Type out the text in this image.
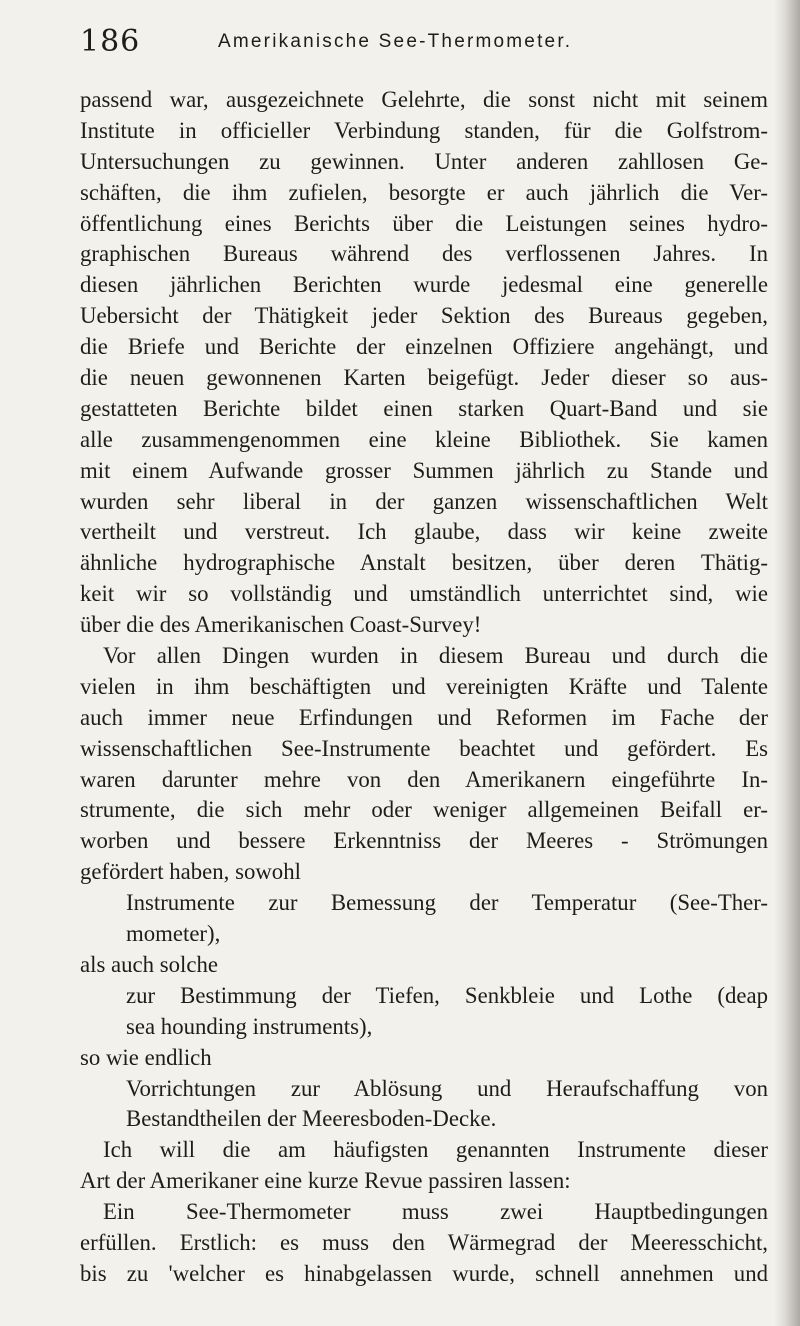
186	Amerikanische See-Thermometer.
passend war, ausgezeichnete Gelehrte, die sonst nicht mit seinem
Institute in officieller Verbindung standen, für die Golfstrom-
Untersuchungen zu gewinnen. Unter anderen zahllosen Ge-
schäften, die ihm zufielen, besorgte er auch jährlich die Ver-
öffentlichung eines Berichts über die Leistungen seines hydro-
graphischen Bureaus während des verflossenen Jahres. In
diesen jährlichen Berichten wurde jedesmal eine generelle
Uebersicht der Thätigkeit jeder Sektion des Bureaus gegeben,
die Briefe und Berichte der einzelnen Offiziere angehängt, und
die neuen gewonnenen Karten beigefügt. Jeder dieser so aus-
gestatteten Berichte bildet einen starken Quart-Band und sie
alle zusammengenommen eine kleine Bibliothek. Sie kamen
mit einem Aufwande grosser Summen jährlich zu Stande und
wurden sehr liberal in der ganzen wissenschaftlichen Welt
vertheilt und verstreut. Ich glaube, dass wir keine zweite
ähnliche hydrographische Anstalt besitzen, über deren Thätig-
keit wir so vollständig und umständlich unterrichtet sind, wie
über die des Amerikanischen Coast-Survey!
Vor allen Dingen wurden in diesem Bureau und durch die
vielen in ihm beschäftigten und vereinigten Kräfte und Talente
auch immer neue Erfindungen und Reformen im Fache der
wissenschaftlichen See-Instrumente beachtet und gefördert. Es
waren darunter mehre von den Amerikanern eingeführte In-
strumente, die sich mehr oder weniger allgemeinen Beifall er-
worben und bessere Erkenntniss der Meeres - Strömungen
gefördert haben, sowohl
Instrumente zur Bemessung der Temperatur (See-Ther-
mometer),
als auch solche
zur Bestimmung der Tiefen, Senkbleie und Lothe (deap
sea hounding instruments),
so wie endlich
Vorrichtungen zur Ablösung und Heraufschaffung von
Bestandtheilen der Meeresboden-Decke.
Ich will die am häufigsten genannten Instrumente dieser
Art der Amerikaner eine kurze Revue passiren lassen:
Ein See-Thermometer muss zwei Hauptbedingungen
erfüllen. Erstlich: es muss den Wärmegrad der Meeresschicht,
bis zu 'welcher es hinabgelassen wurde, schnell annehmen und
